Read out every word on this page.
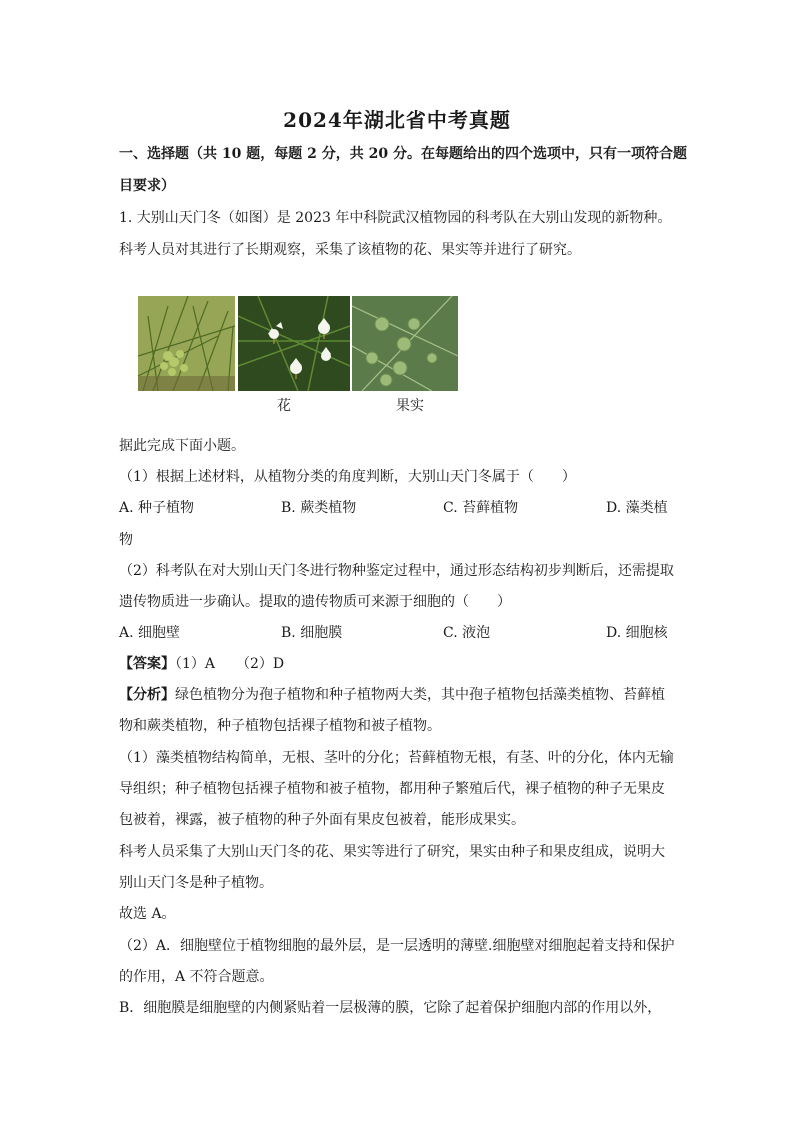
2024年湖北省中考真题
一、选择题（共 10 题，每题 2 分，共 20 分。在每题给出的四个选项中，只有一项符合题
目要求）
1. 大别山天门冬（如图）是 2023 年中科院武汉植物园的科考队在大别山发现的新物种。
科考人员对其进行了长期观察，采集了该植物的花、果实等并进行了研究。
花	果实
据此完成下面小题。
（1）根据上述材料，从植物分类的角度判断，大别山天门冬属于（　　）
A. 种子植物	B. 蕨类植物	C. 苔藓植物	D. 藻类植
物
（2）科考队在对大别山天门冬进行物种鉴定过程中，通过形态结构初步判断后，还需提取
遗传物质进一步确认。提取的遗传物质可来源于细胞的（　　）
A. 细胞壁	B. 细胞膜	C. 液泡	D. 细胞核
【答案】（1）A　　（2）D
【分析】绿色植物分为孢子植物和种子植物两大类，其中孢子植物包括藻类植物、苔藓植
物和蕨类植物，种子植物包括裸子植物和被子植物。
（1）藻类植物结构简单，无根、茎叶的分化；苔藓植物无根，有茎、叶的分化，体内无输
导组织；种子植物包括裸子植物和被子植物，都用种子繁殖后代，裸子植物的种子无果皮
包被着，裸露，被子植物的种子外面有果皮包被着，能形成果实。
科考人员采集了大别山天门冬的花、果实等进行了研究，果实由种子和果皮组成，说明大
别山天门冬是种子植物。
故选 A。
（2）A．细胞壁位于植物细胞的最外层，是一层透明的薄壁.细胞壁对细胞起着支持和保护
的作用，A 不符合题意。
B．细胞膜是细胞壁的内侧紧贴着一层极薄的膜，它除了起着保护细胞内部的作用以外，
